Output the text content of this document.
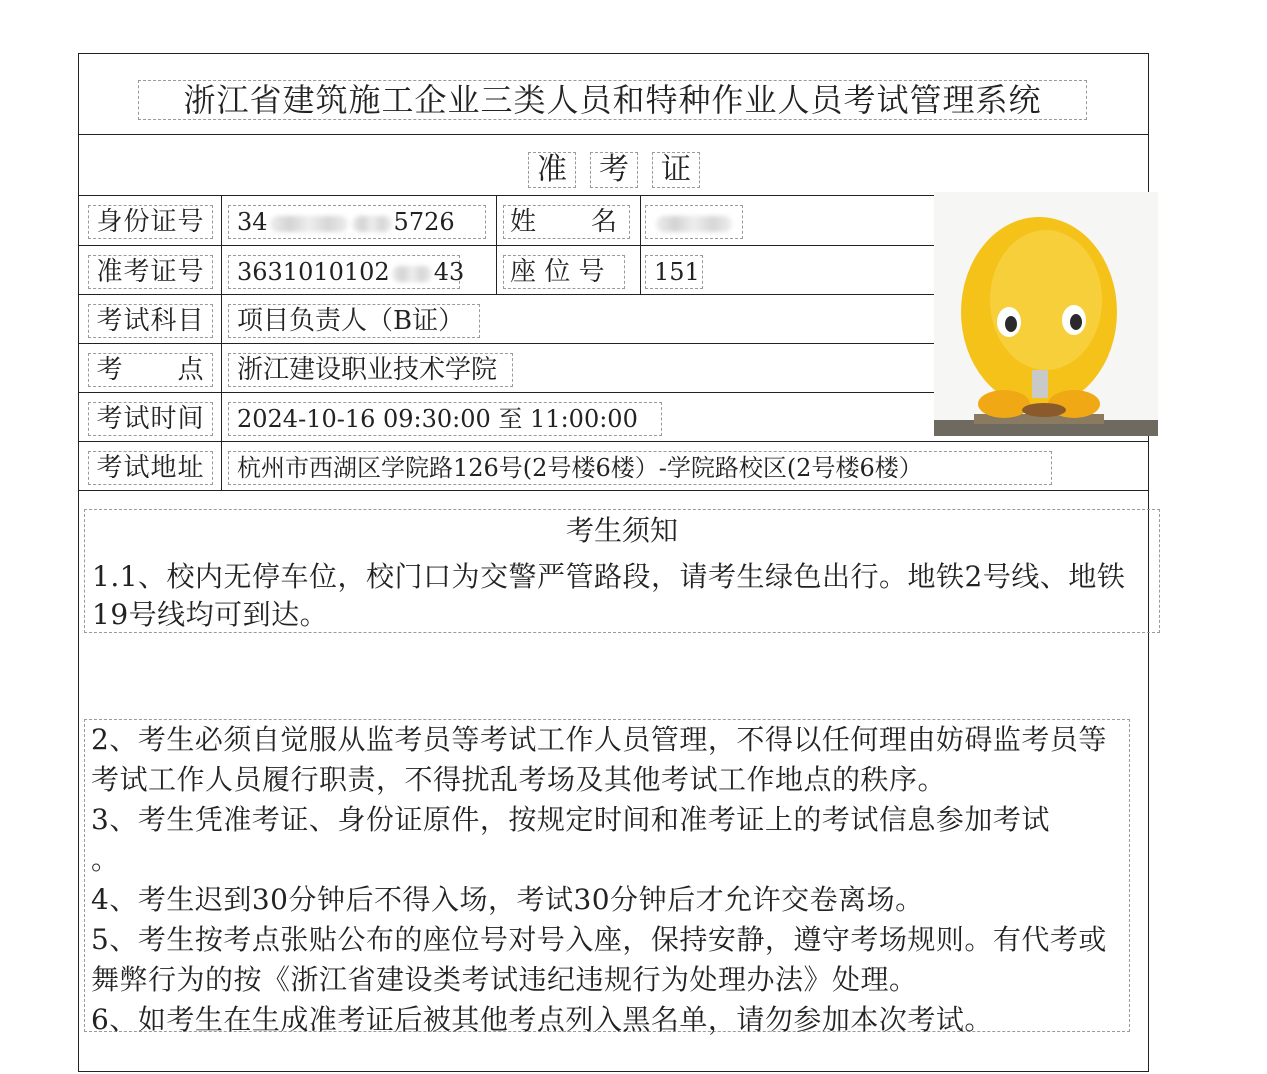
浙江省建筑施工企业三类人员和特种作业人员考试管理系统
准	考	证
身份证号	34	5726	姓　　名
准考证号	3631010102 43 座 位 号	151
考试科目	项目负责人（B证）
考　　点	浙江建设职业技术学院
考试时间	2024-10-16 09:30:00 至 11:00:00
考试地址	杭州市西湖区学院路126号(2号楼6楼）-学院路校区(2号楼6楼）
考生须知
1.1、校内无停车位，校门口为交警严管路段，请考生绿色出行。地铁2号线、地铁19号线均可到达。

2、考生必须自觉服从监考员等考试工作人员管理，不得以任何理由妨碍监考员等考试工作人员履行职责，不得扰乱考场及其他考试工作地点的秩序。

3、考生凭准考证、身份证原件，按规定时间和准考证上的考试信息参加考试

。

4、考生迟到30分钟后不得入场，考试30分钟后才允许交卷离场。

5、考生按考点张贴公布的座位号对号入座，保持安静，遵守考场规则。有代考或舞弊行为的按《浙江省建设类考试违纪违规行为处理办法》处理。

6、如考生在生成准考证后被其他考点列入黑名单，请勿参加本次考试。
